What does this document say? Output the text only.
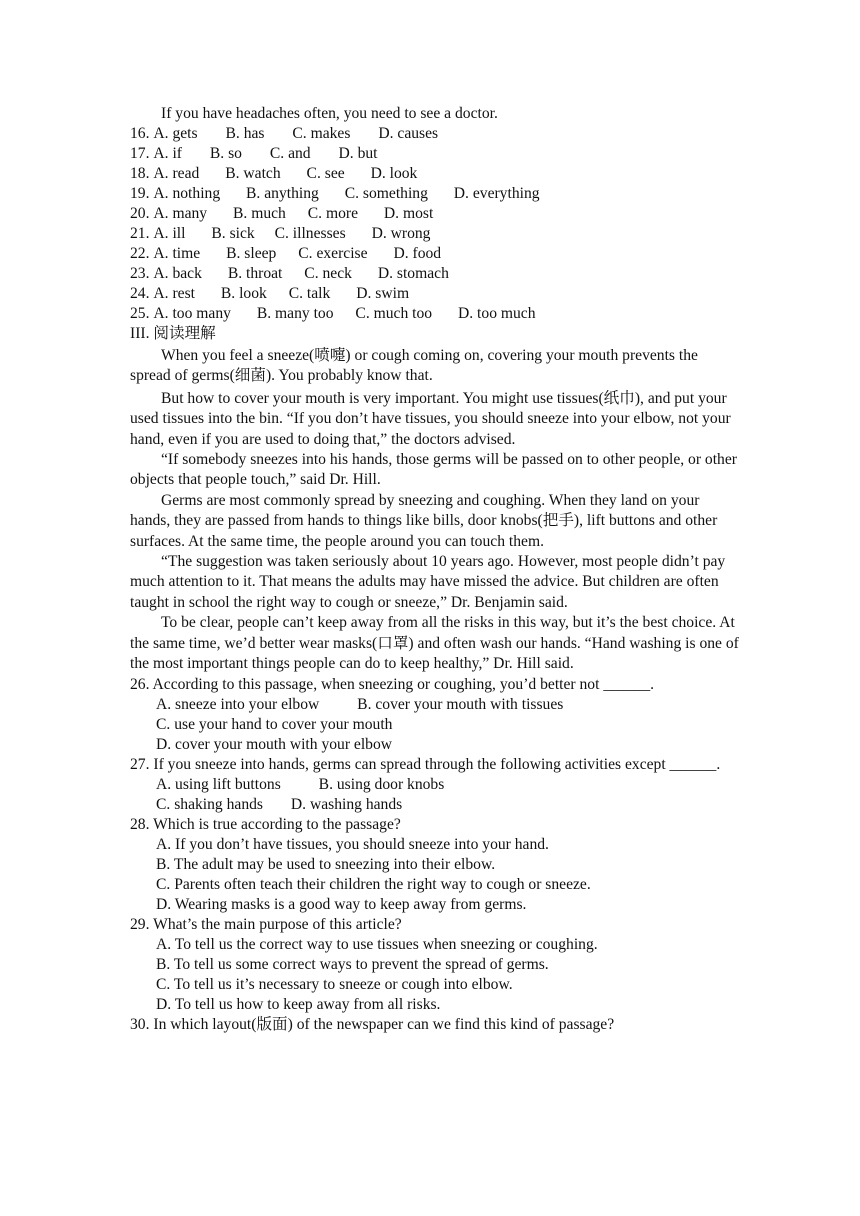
If you have headaches often, you need to see a doctor.
16. A. gets B. has C. makes D. causes
17. A. if B. so C. and D. but
18. A. read B. watch C. see D. look
19. A. nothing B. anything C. something D. everything
20. A. many B. much C. more D. most
21. A. ill B. sick C. illnesses D. wrong
22. A. time B. sleep C. exercise D. food
23. A. back B. throat C. neck D. stomach
24. A. rest B. look C. talk D. swim
25. A. too many B. many too C. much too D. too much
III. 阅读理解
When you feel a sneeze(喷嚏) or cough coming on, covering your mouth prevents the spread of germs(细菌). You probably know that.
But how to cover your mouth is very important. You might use tissues(纸巾), and put your used tissues into the bin. “If you don’t have tissues, you should sneeze into your elbow, not your hand, even if you are used to doing that,” the doctors advised.
“If somebody sneezes into his hands, those germs will be passed on to other people, or other objects that people touch,” said Dr. Hill.
Germs are most commonly spread by sneezing and coughing. When they land on your hands, they are passed from hands to things like bills, door knobs(把手), lift buttons and other surfaces. At the same time, the people around you can touch them.
“The suggestion was taken seriously about 10 years ago. However, most people didn’t pay much attention to it. That means the adults may have missed the advice. But children are often taught in school the right way to cough or sneeze,” Dr. Benjamin said.
To be clear, people can’t keep away from all the risks in this way, but it’s the best choice. At the same time, we’d better wear masks(口罩) and often wash our hands. “Hand washing is one of the most important things people can do to keep healthy,” Dr. Hill said.
26. According to this passage, when sneezing or coughing, you’d better not ______.
A. sneeze into your elbow B. cover your mouth with tissues
C. use your hand to cover your mouth
D. cover your mouth with your elbow
27. If you sneeze into hands, germs can spread through the following activities except ______.
A. using lift buttons B. using door knobs
C. shaking hands D. washing hands
28. Which is true according to the passage?
A. If you don’t have tissues, you should sneeze into your hand.
B. The adult may be used to sneezing into their elbow.
C. Parents often teach their children the right way to cough or sneeze.
D. Wearing masks is a good way to keep away from germs.
29. What’s the main purpose of this article?
A. To tell us the correct way to use tissues when sneezing or coughing.
B. To tell us some correct ways to prevent the spread of germs.
C. To tell us it’s necessary to sneeze or cough into elbow.
D. To tell us how to keep away from all risks.
30. In which layout(版面) of the newspaper can we find this kind of passage?
